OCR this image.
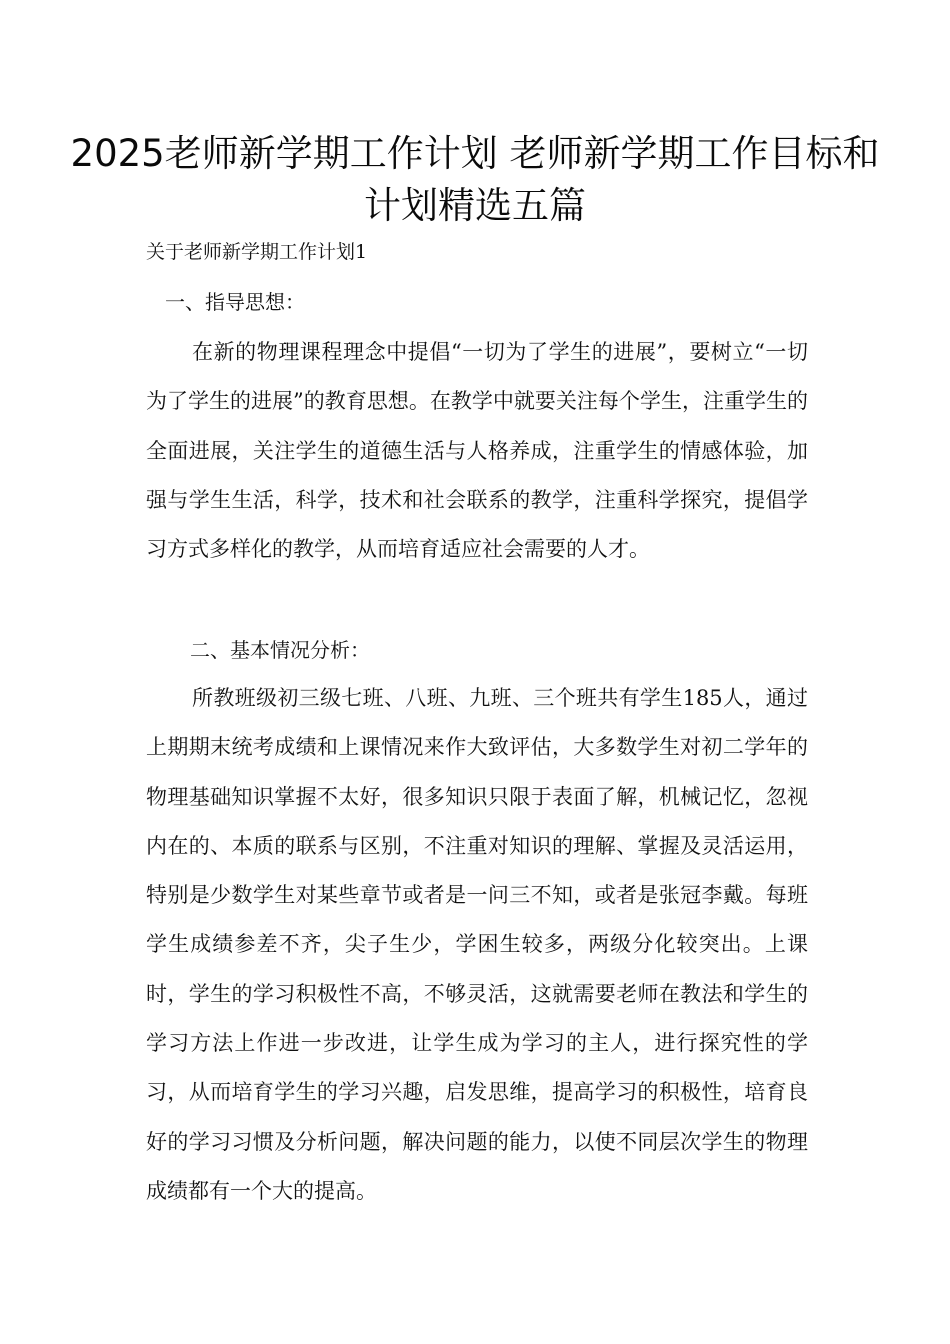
2025老师新学期工作计划 老师新学期工作目标和计划精选五篇

关于老师新学期工作计划1

一、指导思想：

在新的物理课程理念中提倡“一切为了学生的进展”，要树立“一切为了学生的进展”的教育思想。在教学中就要关注每个学生，注重学生的全面进展，关注学生的道德生活与人格养成，注重学生的情感体验，加强与学生生活，科学，技术和社会联系的教学，注重科学探究，提倡学习方式多样化的教学，从而培育适应社会需要的人才。

二、基本情况分析：

所教班级初三级七班、八班、九班、三个班共有学生185人，通过上期期末统考成绩和上课情况来作大致评估，大多数学生对初二学年的物理基础知识掌握不太好，很多知识只限于表面了解，机械记忆，忽视内在的、本质的联系与区别，不注重对知识的理解、掌握及灵活运用，特别是少数学生对某些章节或者是一问三不知，或者是张冠李戴。每班学生成绩参差不齐，尖子生少，学困生较多，两级分化较突出。上课时，学生的学习积极性不高，不够灵活，这就需要老师在教法和学生的学习方法上作进一步改进，让学生成为学习的主人，进行探究性的学习，从而培育学生的学习兴趣，启发思维，提高学习的积极性，培育良好的学习习惯及分析问题，解决问题的能力，以使不同层次学生的物理成绩都有一个大的提高。
